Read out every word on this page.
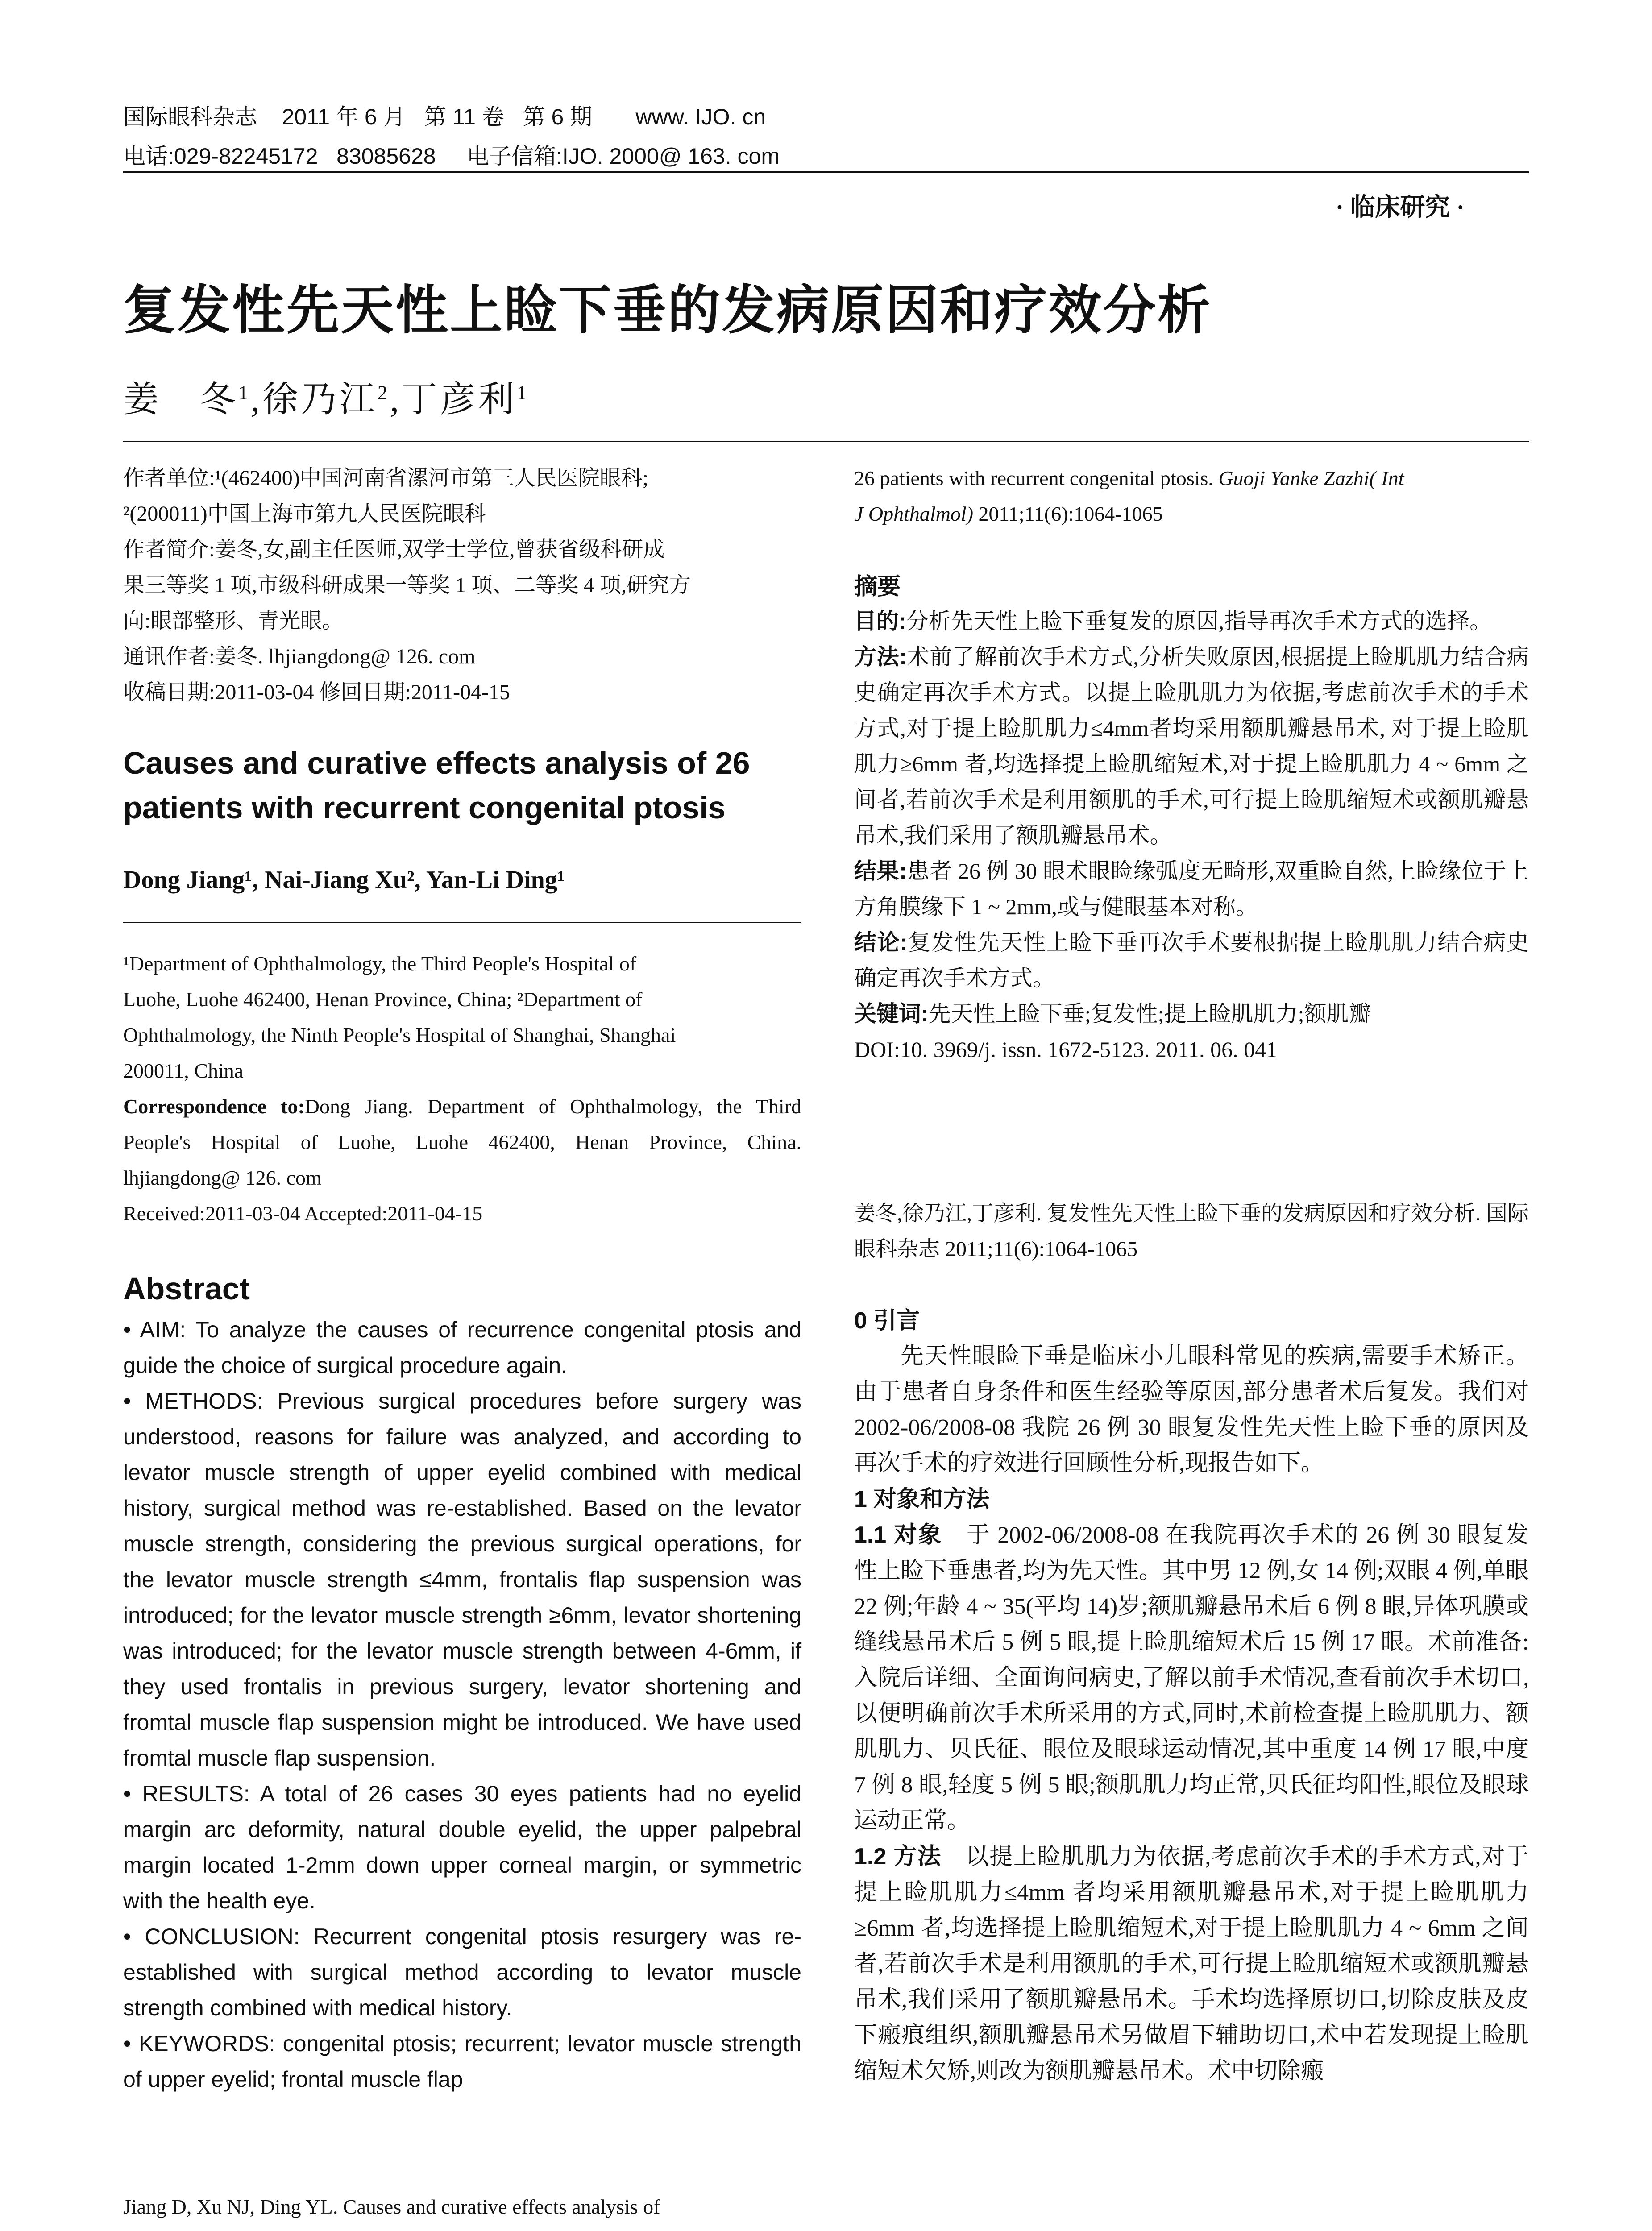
国际眼科杂志    2011 年 6 月   第 11 卷   第 6 期       www. IJO. cn
电话:029-82245172   83085628     电子信箱:IJO. 2000@ 163. com
· 临床研究 ·
复发性先天性上睑下垂的发病原因和疗效分析
姜　冬$^1$,徐乃江$^2$,丁彦利$^1$

作者单位:¹(462400)中国河南省漯河市第三人民医院眼科;

²(200011)中国上海市第九人民医院眼科

作者简介:姜冬,女,副主任医师,双学士学位,曾获省级科研成

果三等奖 1 项,市级科研成果一等奖 1 项、二等奖 4 项,研究方

向:眼部整形、青光眼。

通讯作者:姜冬. lhjiangdong@ 126. com

收稿日期:2011-03-04 修回日期:2011-04-15

Causes and curative effects analysis of 26
patients with recurrent congenital ptosis
Dong Jiang¹, Nai-Jiang Xu², Yan-Li Ding¹

¹Department of Ophthalmology, the Third People's Hospital of

Luohe, Luohe 462400, Henan Province, China; ²Department of

Ophthalmology, the Ninth People's Hospital of Shanghai, Shanghai

200011, China

Correspondence to:Dong Jiang. Department of Ophthalmology, the Third People's Hospital of Luohe, Luohe 462400, Henan Province, China. lhjiangdong@ 126. com

Received:2011-03-04 Accepted:2011-04-15

Abstract

• AIM: To analyze the causes of recurrence congenital ptosis and guide the choice of surgical procedure again.

• METHODS: Previous surgical procedures before surgery was understood, reasons for failure was analyzed, and according to levator muscle strength of upper eyelid combined with medical history, surgical method was re-established. Based on the levator muscle strength, considering the previous surgical operations, for the levator muscle strength ≤4mm, frontalis flap suspension was introduced; for the levator muscle strength ≥6mm, levator shortening was introduced; for the levator muscle strength between 4-6mm, if they used frontalis in previous surgery, levator shortening and fromtal muscle flap suspension might be introduced. We have used fromtal muscle flap suspension.

• RESULTS: A total of 26 cases 30 eyes patients had no eyelid margin arc deformity, natural double eyelid, the upper palpebral margin located 1-2mm down upper corneal margin, or symmetric with the health eye.

• CONCLUSION: Recurrent congenital ptosis resurgery was re-established with surgical method according to levator muscle strength combined with medical history.

• KEYWORDS: congenital ptosis; recurrent; levator muscle strength of upper eyelid; frontal muscle flap

Jiang D, Xu NJ, Ding YL. Causes and curative effects analysis of

26 patients with recurrent congenital ptosis. Guoji Yanke Zazhi( Int
J Ophthalmol) 2011;11(6):1064-1065

摘要

目的:分析先天性上睑下垂复发的原因,指导再次手术方式的选择。

方法:术前了解前次手术方式,分析失败原因,根据提上睑肌肌力结合病史确定再次手术方式。以提上睑肌肌力为依据,考虑前次手术的手术方式,对于提上睑肌肌力≤4mm者均采用额肌瓣悬吊术, 对于提上睑肌肌力≥6mm 者,均选择提上睑肌缩短术,对于提上睑肌肌力 4 ~ 6mm 之间者,若前次手术是利用额肌的手术,可行提上睑肌缩短术或额肌瓣悬吊术,我们采用了额肌瓣悬吊术。

结果:患者 26 例 30 眼术眼睑缘弧度无畸形,双重睑自然,上睑缘位于上方角膜缘下 1 ~ 2mm,或与健眼基本对称。

结论:复发性先天性上睑下垂再次手术要根据提上睑肌肌力结合病史确定再次手术方式。

关键词:先天性上睑下垂;复发性;提上睑肌肌力;额肌瓣

DOI:10. 3969/j. issn. 1672-5123. 2011. 06. 041

姜冬,徐乃江,丁彦利. 复发性先天性上睑下垂的发病原因和疗效分析. 国际眼科杂志 2011;11(6):1064-1065

0 引言

先天性眼睑下垂是临床小儿眼科常见的疾病,需要手术矫正。由于患者自身条件和医生经验等原因,部分患者术后复发。我们对 2002-06/2008-08 我院 26 例 30 眼复发性先天性上睑下垂的原因及再次手术的疗效进行回顾性分析,现报告如下。

1 对象和方法

1.1 对象　于 2002-06/2008-08 在我院再次手术的 26 例 30 眼复发性上睑下垂患者,均为先天性。其中男 12 例,女 14 例;双眼 4 例,单眼 22 例;年龄 4 ~ 35(平均 14)岁;额肌瓣悬吊术后 6 例 8 眼,异体巩膜或缝线悬吊术后 5 例 5 眼,提上睑肌缩短术后 15 例 17 眼。术前准备:入院后详细、全面询问病史,了解以前手术情况,查看前次手术切口,以便明确前次手术所采用的方式,同时,术前检查提上睑肌肌力、额肌肌力、贝氏征、眼位及眼球运动情况,其中重度 14 例 17 眼,中度 7 例 8 眼,轻度 5 例 5 眼;额肌肌力均正常,贝氏征均阳性,眼位及眼球运动正常。

1.2 方法　以提上睑肌肌力为依据,考虑前次手术的手术方式,对于提上睑肌肌力≤4mm 者均采用额肌瓣悬吊术,对于提上睑肌肌力≥6mm 者,均选择提上睑肌缩短术,对于提上睑肌肌力 4 ~ 6mm 之间者,若前次手术是利用额肌的手术,可行提上睑肌缩短术或额肌瓣悬吊术,我们采用了额肌瓣悬吊术。手术均选择原切口,切除皮肤及皮下瘢痕组织,额肌瓣悬吊术另做眉下辅助切口,术中若发现提上睑肌缩短术欠矫,则改为额肌瓣悬吊术。术中切除瘢
